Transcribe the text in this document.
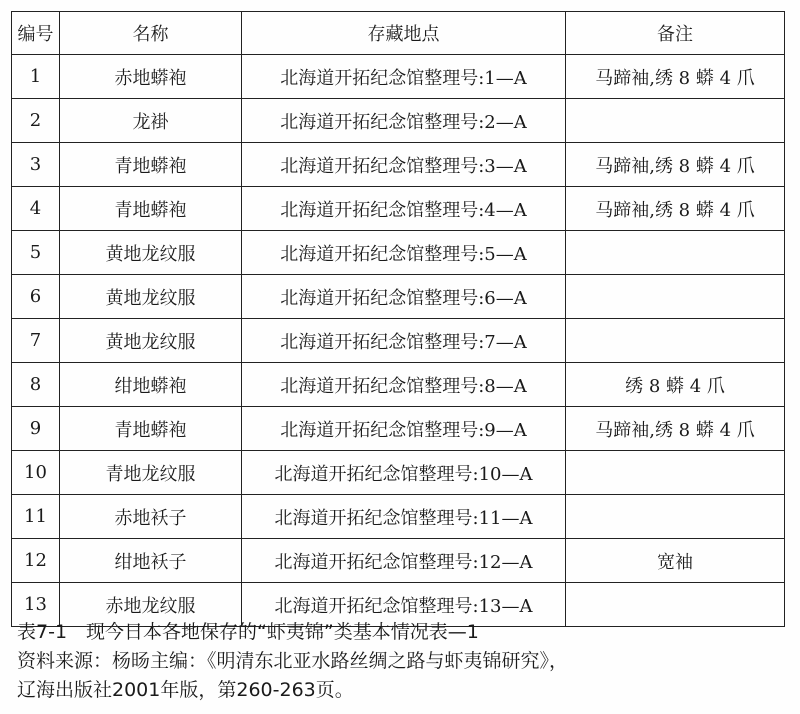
编号	名称	存藏地点	备注
1	赤地蟒袍	北海道开拓纪念馆整理号:1—A	马蹄袖,绣 8 蟒 4 爪
2	龙褂	北海道开拓纪念馆整理号:2—A	
3	青地蟒袍	北海道开拓纪念馆整理号:3—A	马蹄袖,绣 8 蟒 4 爪
4	青地蟒袍	北海道开拓纪念馆整理号:4—A	马蹄袖,绣 8 蟒 4 爪
5	黄地龙纹服	北海道开拓纪念馆整理号:5—A	
6	黄地龙纹服	北海道开拓纪念馆整理号:6—A	
7	黄地龙纹服	北海道开拓纪念馆整理号:7—A	
8	绀地蟒袍	北海道开拓纪念馆整理号:8—A	绣 8 蟒 4 爪
9	青地蟒袍	北海道开拓纪念馆整理号:9—A	马蹄袖,绣 8 蟒 4 爪
10	青地龙纹服	北海道开拓纪念馆整理号:10—A	
11	赤地袄子	北海道开拓纪念馆整理号:11—A	
12	绀地袄子	北海道开拓纪念馆整理号:12—A	宽袖
13	赤地龙纹服	北海道开拓纪念馆整理号:13—A	
表7-1　现今日本各地保存的“虾夷锦”类基本情况表—1
资料来源：杨旸主编：《明清东北亚水路丝绸之路与虾夷锦研究》，
辽海出版社2001年版，第260-263页。
